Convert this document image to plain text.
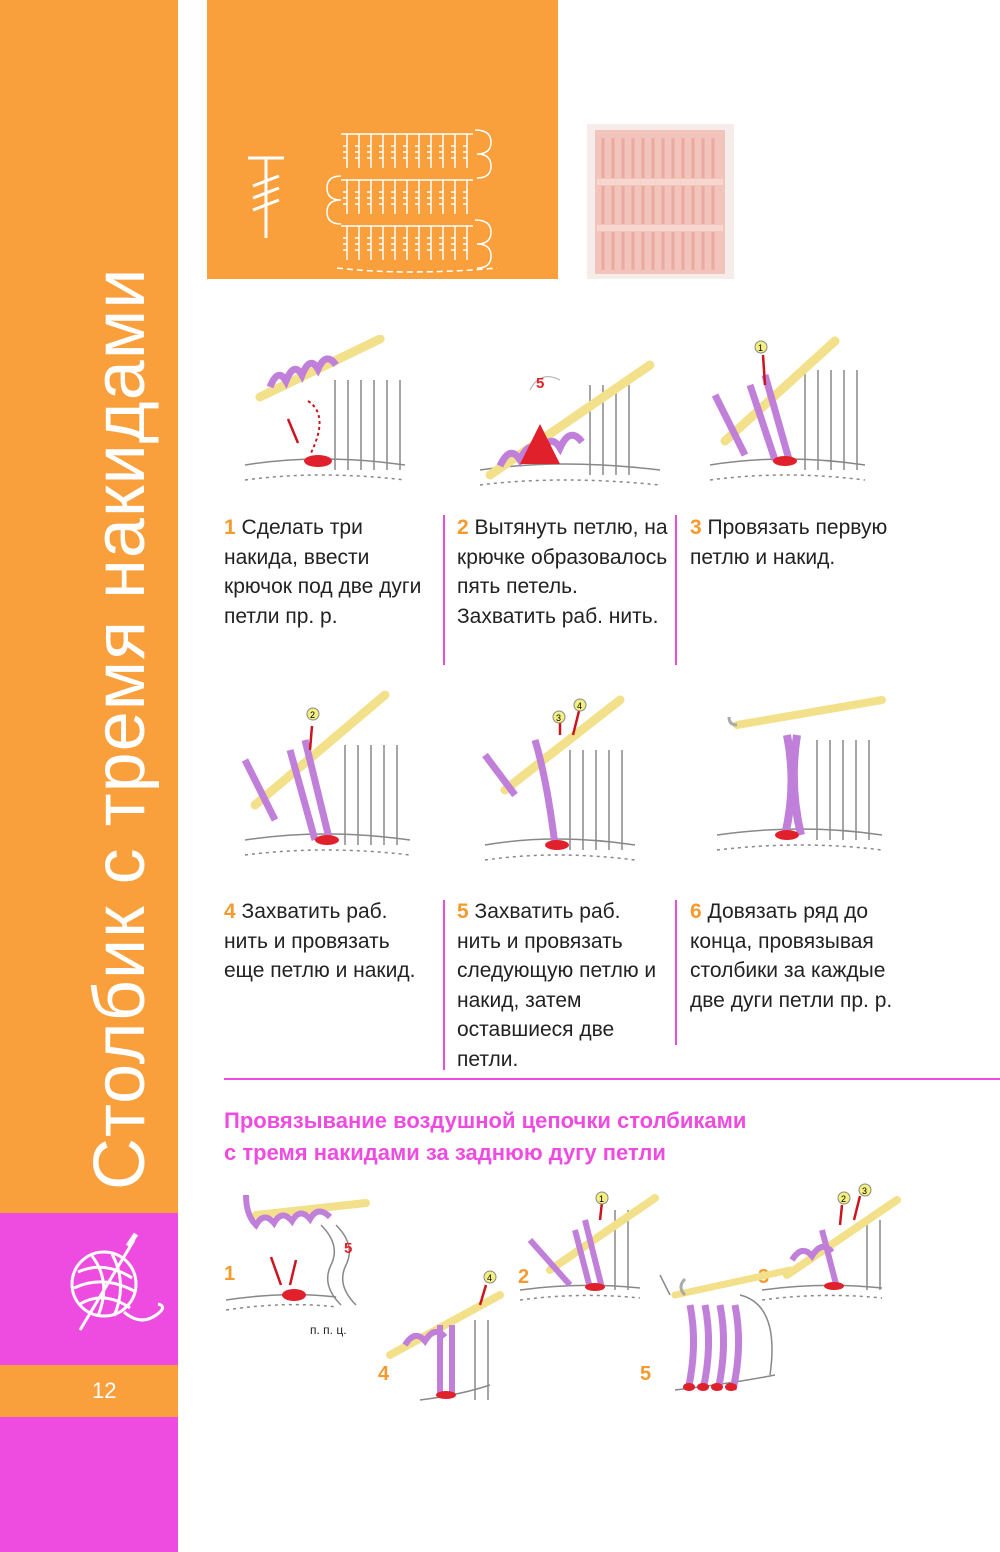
Столбик с тремя накидами
12
5
1
1 Сделать три накида, ввести крючок под две дуги петли пр. р.
2 Вытянуть петлю, на крючке образовалось пять петель. Захватить раб. нить.
3 Провязать первую петлю и накид.
2	3
4
4 Захватить раб. нить и провязать еще петлю и накид.
5 Захватить раб. нить и провязать следующую петлю и накид, затем оставшиеся две петли.
6 Довязать ряд до конца, провязывая столбики за каждые две дуги петли пр. р.
Провязывание воздушной цепочки столбиками
с тремя накидами за заднюю дугу петли
1
5
п. п. ц.
2
1	2
3
4
4
5
